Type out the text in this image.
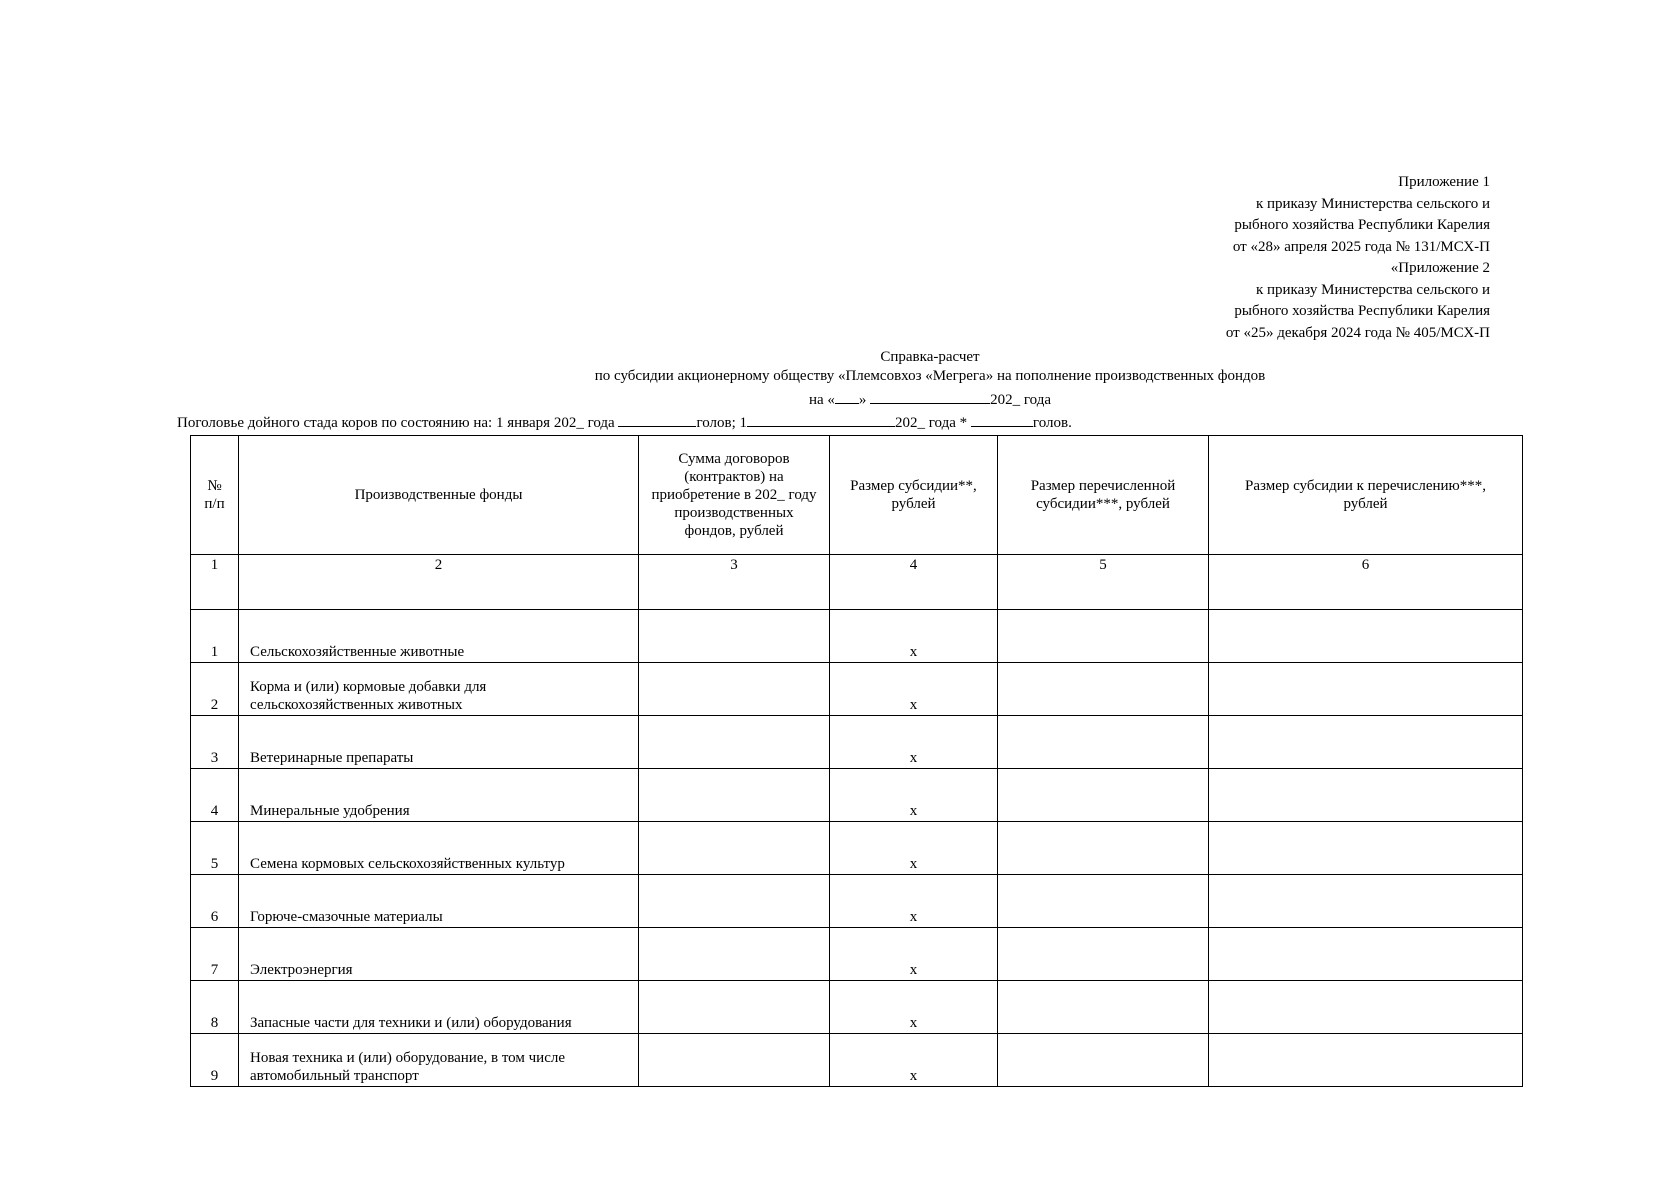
Приложение 1
к приказу Министерства сельского и
рыбного хозяйства Республики Карелия
от «28» апреля 2025 года № 131/МСХ-П
«Приложение 2
к приказу Министерства сельского и
рыбного хозяйства Республики Карелия
от «25» декабря 2024 года № 405/МСХ-П
Справка-расчет
по субсидии акционерному обществу «Племсовхоз «Мегрега» на пополнение производственных фондов
на « »	202_ года
Поголовье дойного стада коров по состоянию на: 1 января 202_ года	голов; 1	202_ года *	голов.
№ п/п	Производственные фонды	Сумма договоров (контрактов) на приобретение в 202_ году производственных фондов, рублей	Размер субсидии**, рублей	Размер перечисленной субсидии***, рублей	Размер субсидии к перечислению***, рублей

1	2	3	4	5	6
1	Сельскохозяйственные животные		x		
2	Корма и (или) кормовые добавки для сельскохозяйственных животных		x		
3	Ветеринарные препараты		x		
4	Минеральные удобрения		x		
5	Семена кормовых сельскохозяйственных культур		x		
6	Горюче-смазочные материалы		x		
7	Электроэнергия		x		
8	Запасные части для техники и (или) оборудования		x		
9	Новая техника и (или) оборудование, в том числе автомобильный транспорт		x		
